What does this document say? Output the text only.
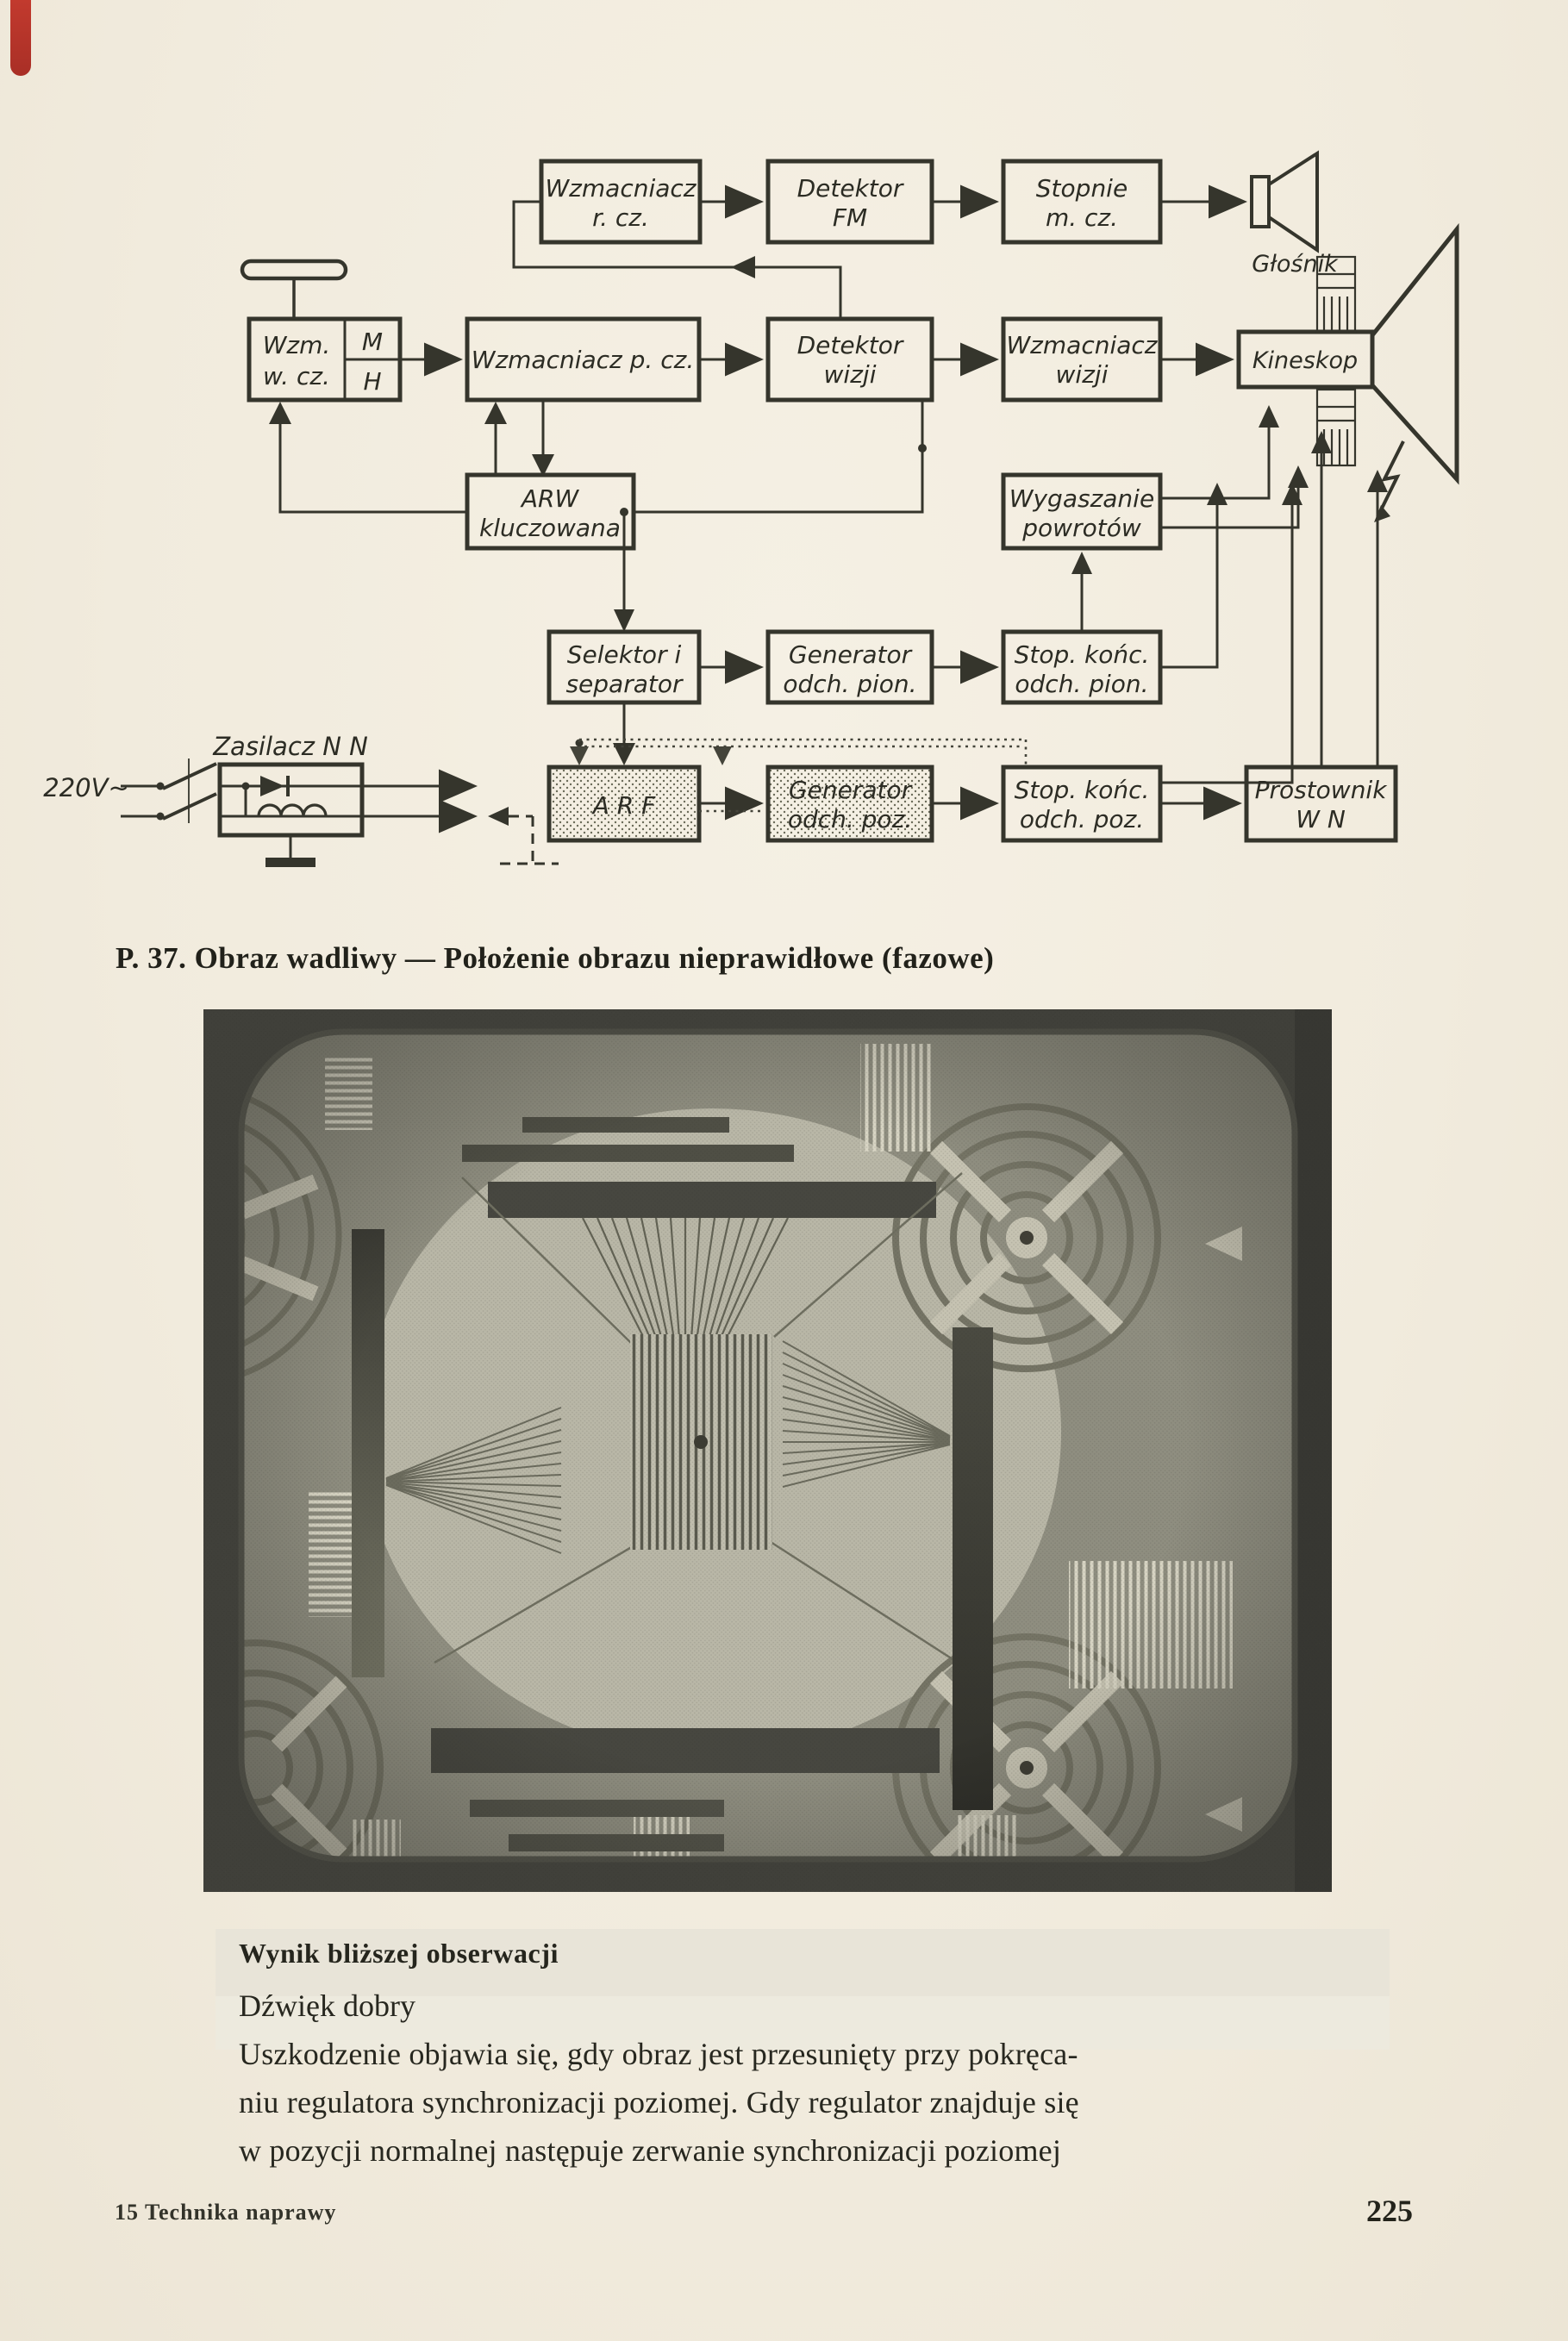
Wzmacniacz
r. cz.
Detektor
FM
Stopnie
m. cz.
Głośnik
Wzm.
w. cz.
M
H
Wzmacniacz p. cz.
Detektor
wizji
Wzmacniacz
wizji	Kineskop
ARW
kluczowana
Wygaszanie
powrotów
Selektor i
separator
Generator
odch. pion.
Stop. końc.
odch. pion.
Zasilacz N N
220V~
A R F
Generator
odch. poz.
Stop. końc.
odch. poz.
Prostownik
W N
P. 37. Obraz wadliwy — Położenie obrazu nieprawidłowe (fazowe)
Wynik bliższej obserwacji
Dźwięk dobry
Uszkodzenie objawia się, gdy obraz jest przesunięty przy pokręca-
niu regulatora synchronizacji poziomej. Gdy regulator znajduje się
w pozycji normalnej następuje zerwanie synchronizacji poziomej
15 Technika naprawy	225
